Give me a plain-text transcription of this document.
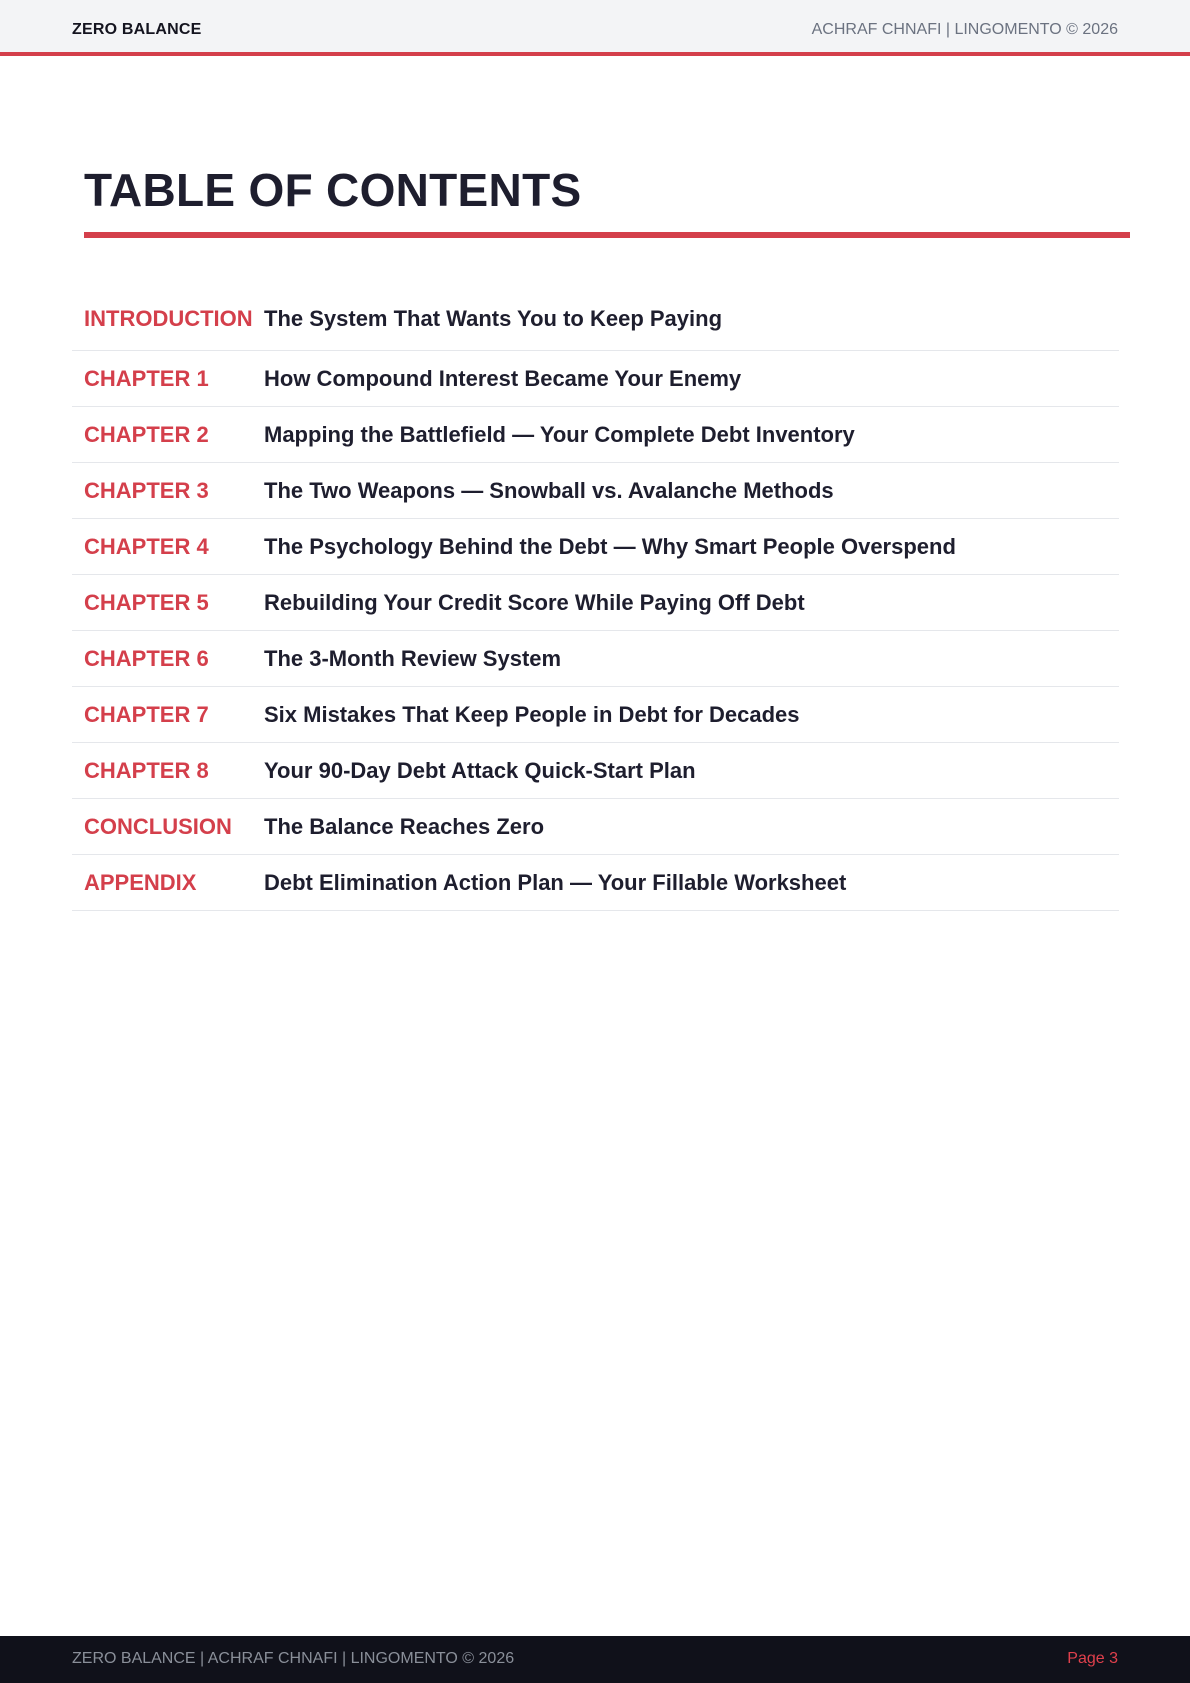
ZERO BALANCE	ACHRAF CHNAFI | LINGOMENTO © 2026
TABLE OF CONTENTS
INTRODUCTION The System That Wants You to Keep Paying
CHAPTER 1	How Compound Interest Became Your Enemy
CHAPTER 2	Mapping the Battlefield — Your Complete Debt Inventory
CHAPTER 3	The Two Weapons — Snowball vs. Avalanche Methods
CHAPTER 4	The Psychology Behind the Debt — Why Smart People Overspend
CHAPTER 5	Rebuilding Your Credit Score While Paying Off Debt
CHAPTER 6	The 3-Month Review System
CHAPTER 7	Six Mistakes That Keep People in Debt for Decades
CHAPTER 8	Your 90-Day Debt Attack Quick-Start Plan
CONCLUSION	The Balance Reaches Zero
APPENDIX	Debt Elimination Action Plan — Your Fillable Worksheet
ZERO BALANCE | ACHRAF CHNAFI | LINGOMENTO © 2026	Page 3
